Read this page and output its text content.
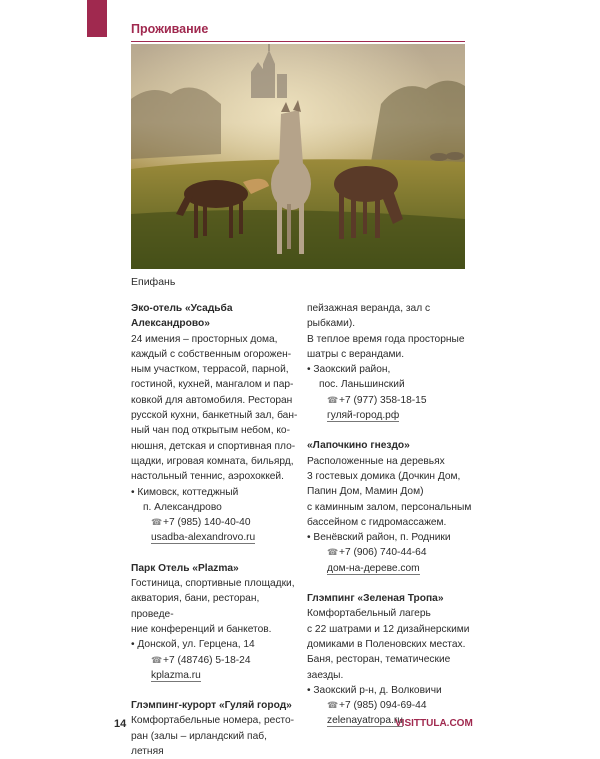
Проживание
Епифань
Эко-отель «Усадьба Александрово»
24 имения – просторных дома,
каждый с собственным огорожен-
ным участком, террасой, парной,
гостиной, кухней, мангалом и пар-
ковкой для автомобиля. Ресторан
русской кухни, банкетный зал, бан-
ный чан под открытым небом, ко-
нюшня, детская и спортивная пло-
щадки, игровая комната, бильярд,
настольный теннис, аэрохоккей.
• Кимовск, коттеджный
п. Александрово
☎+7 (985) 140-40-40
usadba-alexandrovo.ru
Парк Отель «Plazma»
Гостиница, спортивные площадки,
акватория, бани, ресторан, проведе-
ние конференций и банкетов.
• Донской, ул. Герцена, 14
☎+7 (48746) 5-18-24
kplazma.ru
Глэмпинг-курорт «Гуляй город»
Комфортабельные номера, ресто-
ран (залы – ирландский паб, летняя
пейзажная веранда, зал с рыбками).
В теплое время года просторные
шатры с верандами.
• Заокский район,
пос. Ланьшинский
☎+7 (977) 358-18-15
гуляй-город.рф
«Лапочкино гнездо»
Расположенные на деревьях
3 гостевых домика (Дочкин Дом,
Папин Дом, Мамин Дом)
с каминным залом, персональным
бассейном с гидромассажем.
• Венёвский район, п. Родники
☎+7 (906) 740-44-64
дом-на-дереве.com
Глэмпинг «Зеленая Тропа»
Комфортабельный лагерь
с 22 шатрами и 12 дизайнерскими
домиками в Поленовских местах.
Баня, ресторан, тематические
заезды.
• Заокский р-н, д. Волковичи
☎+7 (985) 094-69-44
zelenayatropa.ru
14	VISITTULA.COM
